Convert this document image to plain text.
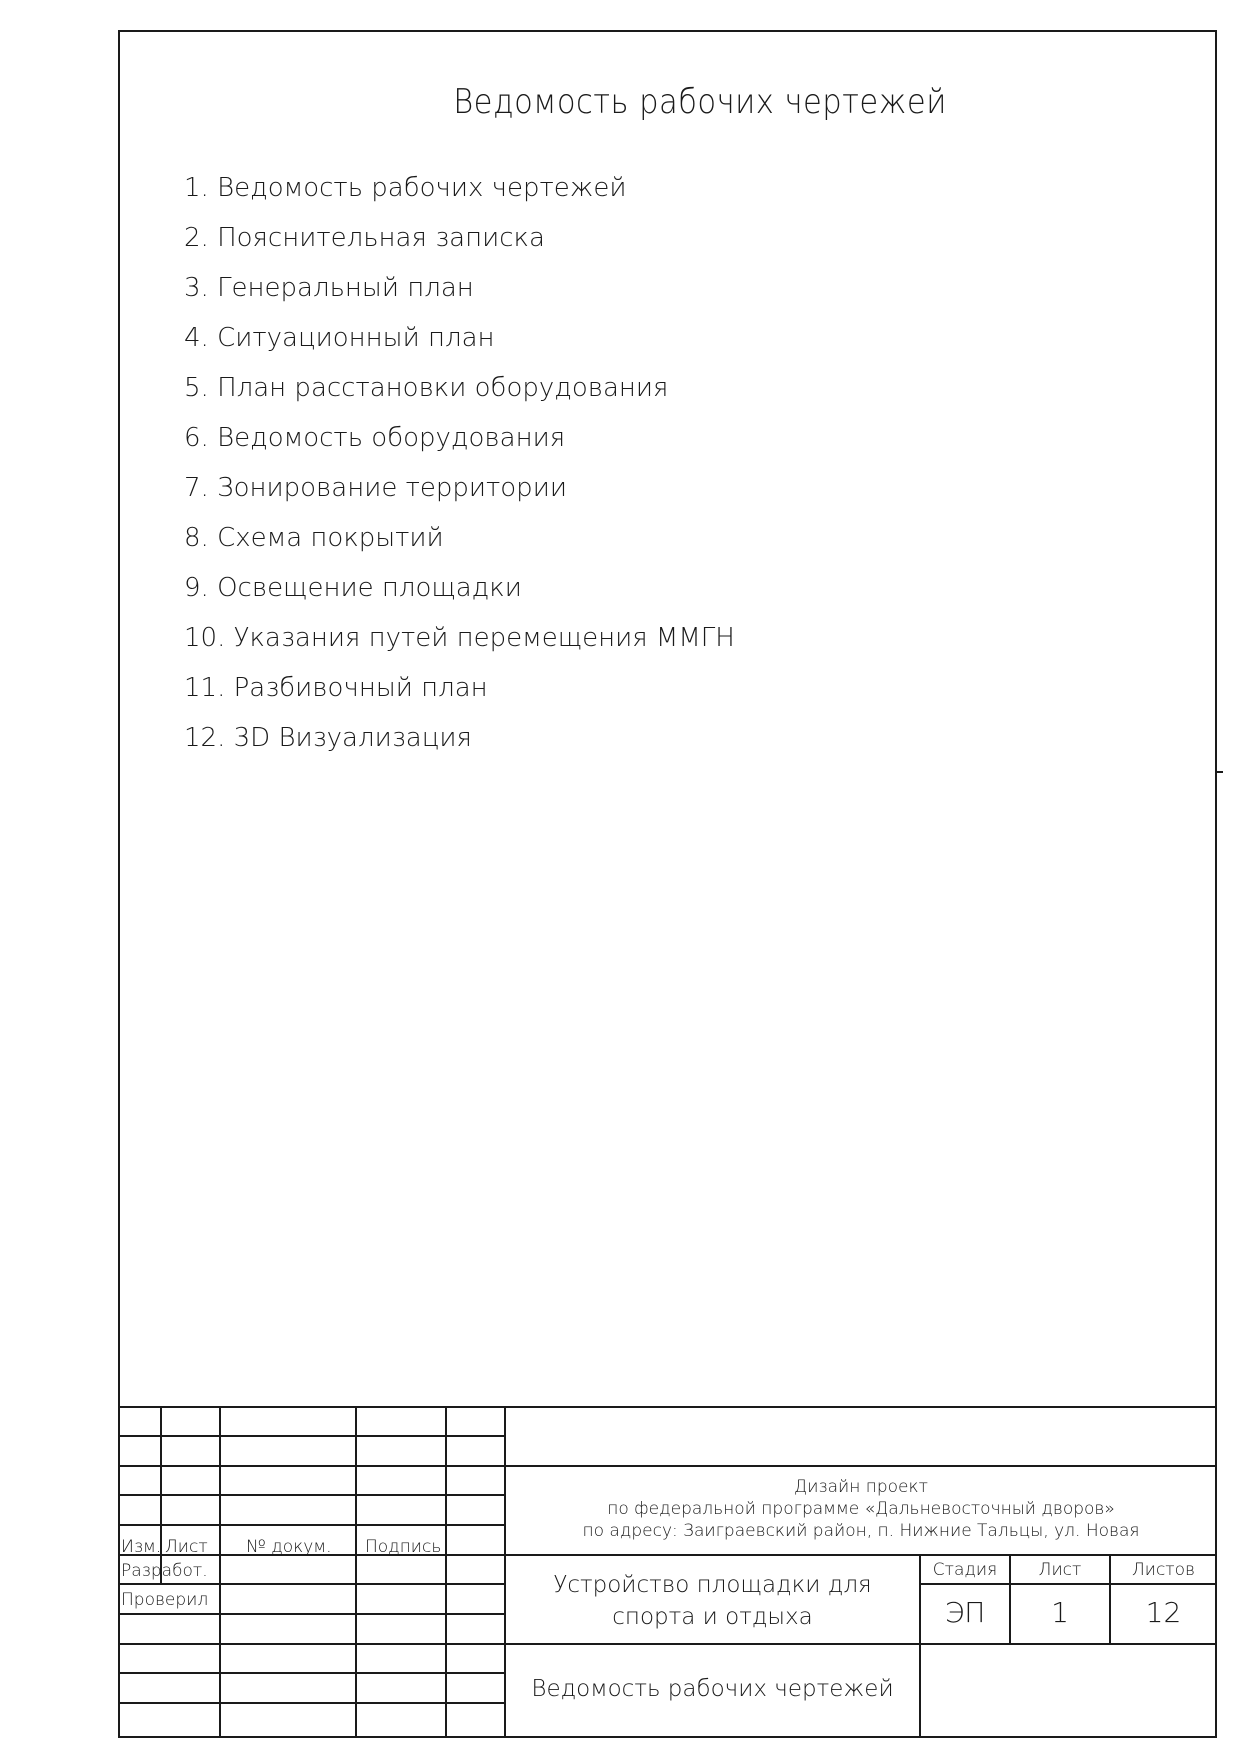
Ведомость рабочих чертежей
1. Ведомость рабочих чертежей
2. Пояснительная записка
3. Генеральный план
4. Ситуационный план
5. План расстановки оборудования
6. Ведомость оборудования
7. Зонирование территории
8. Схема покрытий
9. Освещение площадки
10. Указания путей перемещения ММГН
11. Разбивочный план
12. 3D Визуализация
Изм. Лист № докум. Подпись
Разработ.
Проверил
Дизайн проект
по федеральной программе «Дальневосточный дворов»
по адресу: Заиграевский район, п. Нижние Тальцы, ул. Новая
Устройство площадки для
спорта и отдыха
Стадия	Лист	Листов
ЭП	1	12
Ведомость рабочих чертежей
